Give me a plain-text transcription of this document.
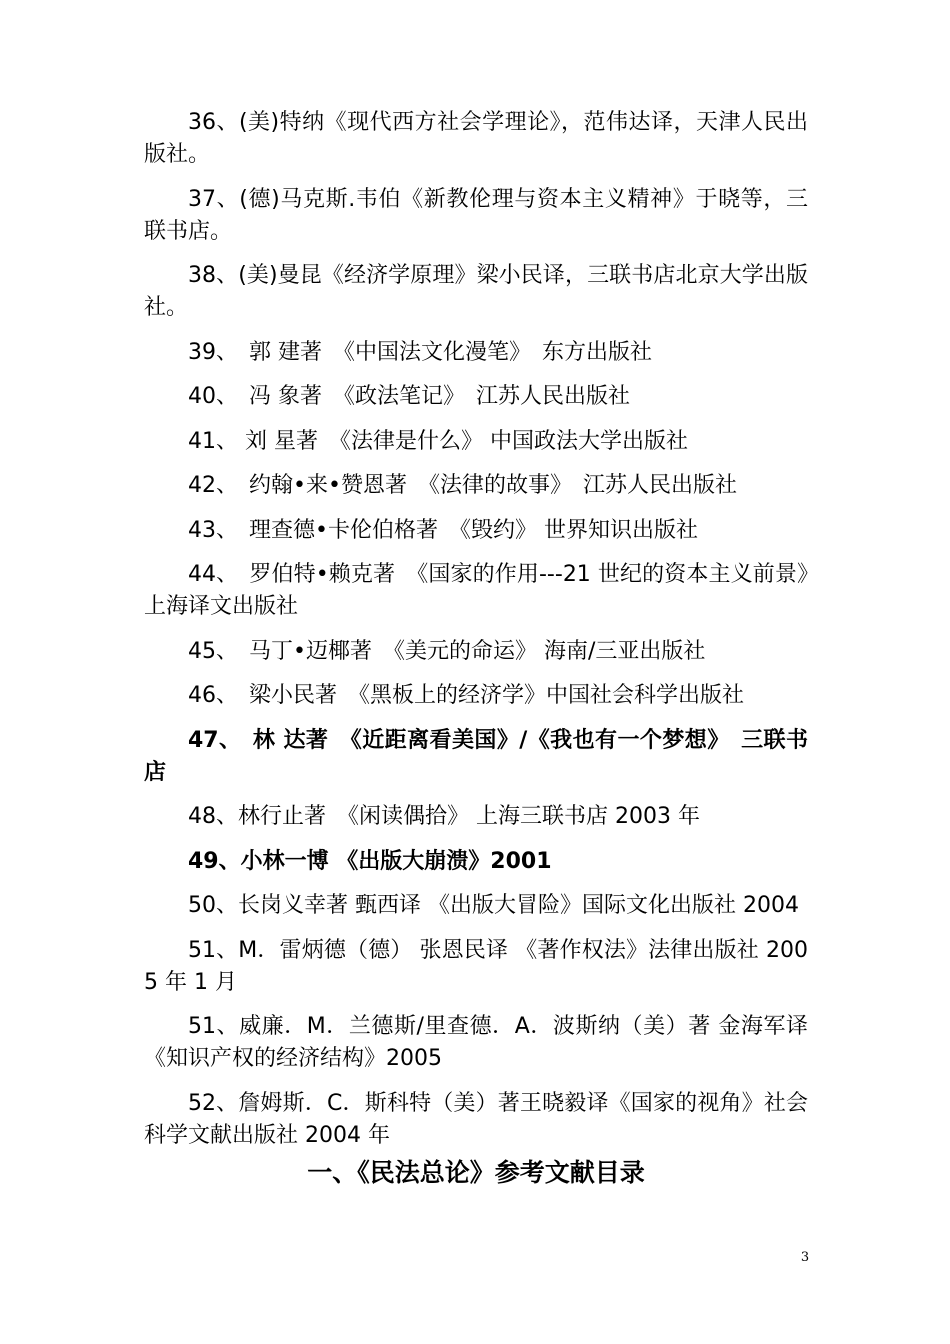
36、(美)特纳《现代西方社会学理论》，范伟达译，天津人民出版社。

37、(德)马克斯.韦伯《新教伦理与资本主义精神》于晓等，三联书店。

38、(美)曼昆《经济学原理》梁小民译，三联书店北京大学出版社。

39、　郭 建著　《中国法文化漫笔》　东方出版社

40、　冯 象著　《政法笔记》　江苏人民出版社

41、 刘 星著　《法律是什么》 中国政法大学出版社

42、　约翰•来•赞恩著　《法律的故事》　江苏人民出版社

43、　理查德•卡伦伯格著　《毁约》 世界知识出版社

44、　罗伯特•赖克著　《国家的作用---21 世纪的资本主义前景》　上海译文出版社

45、　马丁•迈椰著　《美元的命运》 海南/三亚出版社

46、　梁小民著　《黑板上的经济学》中国社会科学出版社

47、　林 达著　《近距离看美国》/《我也有一个梦想》　三联书店

48、林行止著　《闲读偶拾》 上海三联书店 2003 年

49、小林一博 《出版大崩溃》2001

50、长岗义幸著 甄西译 《出版大冒险》国际文化出版社 2004

51、M．雷炳德（德） 张恩民译 《著作权法》法律出版社 2005 年 1 月

51、威廉．M．兰德斯/里查德．A．波斯纳（美）著 金海军译《知识产权的经济结构》2005

52、詹姆斯．C．斯科特（美）著王晓毅译《国家的视角》社会科学文献出版社 2004 年

一、《民法总论》参考文献目录
3
